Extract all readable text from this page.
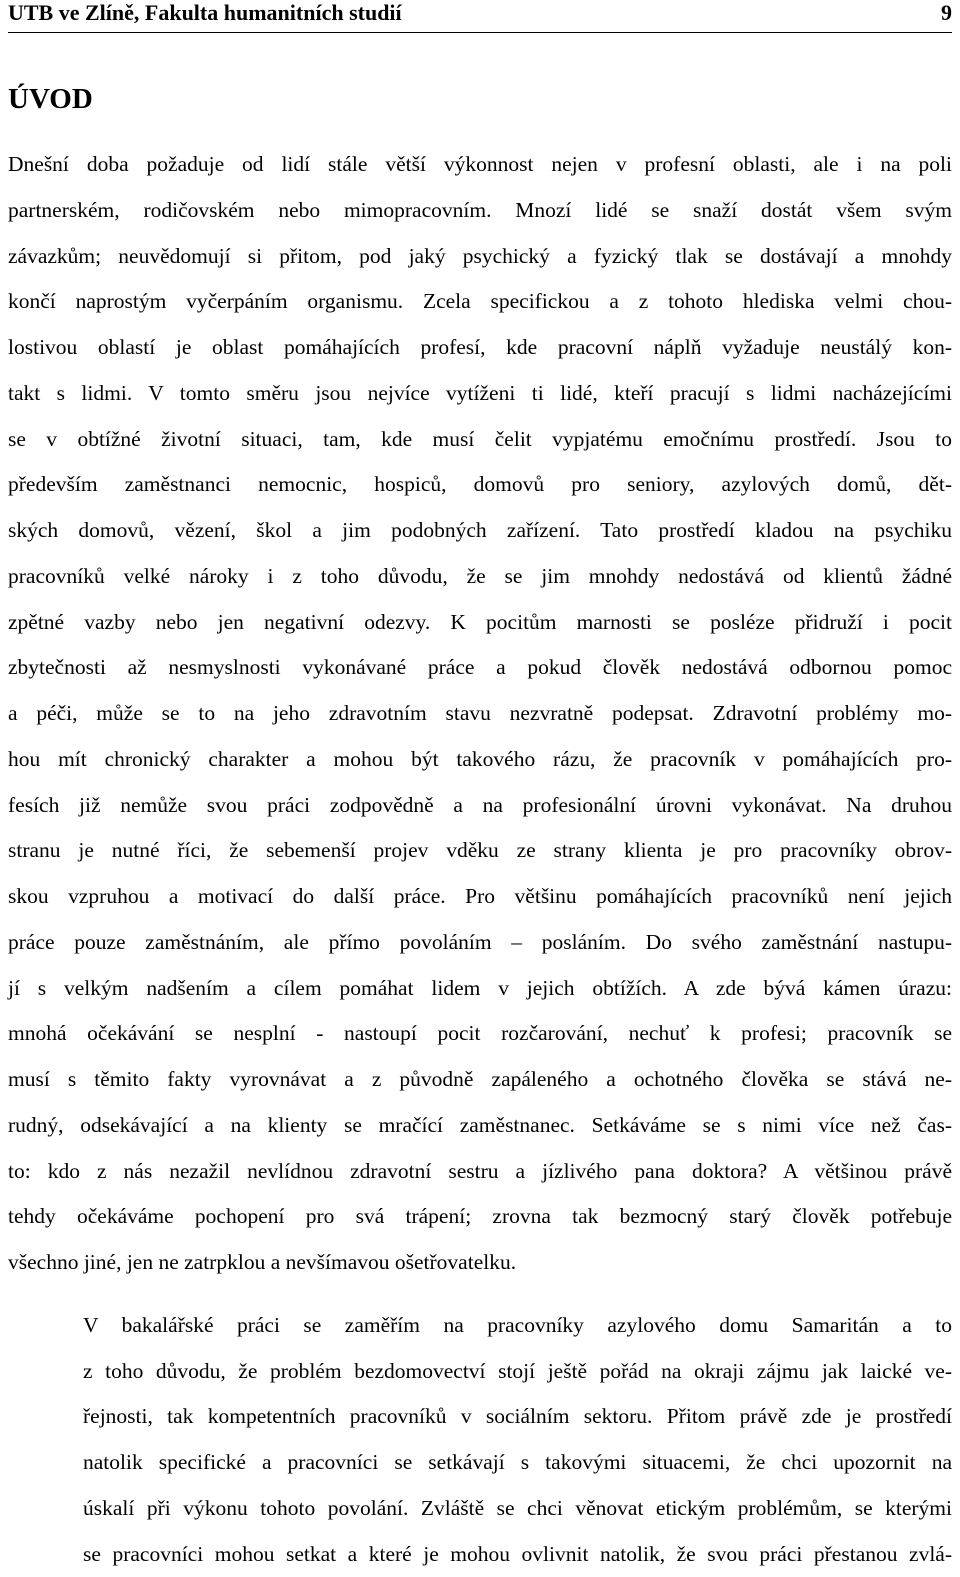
UTB ve Zlíně, Fakulta humanitních studií	9
ÚVOD

Dnešní doba požaduje od lidí stále větší výkonnost nejen v profesní oblasti, ale i na poli
partnerském, rodičovském nebo mimopracovním. Mnozí lidé se snaží dostát všem svým
závazkům; neuvědomují si přitom, pod jaký psychický a fyzický tlak se dostávají a mnohdy
končí naprostým vyčerpáním organismu. Zcela specifickou a z tohoto hlediska velmi chou-
lostivou oblastí je oblast pomáhajících profesí, kde pracovní náplň vyžaduje neustálý kon-
takt s lidmi. V tomto směru jsou nejvíce vytíženi ti lidé, kteří pracují s lidmi nacházejícími
se v obtížné životní situaci, tam, kde musí čelit vypjatému emočnímu prostředí. Jsou to
především zaměstnanci nemocnic, hospiců, domovů pro seniory, azylových domů, dět-
ských domovů, vězení, škol a jim podobných zařízení. Tato prostředí kladou na psychiku
pracovníků velké nároky i z toho důvodu, že se jim mnohdy nedostává od klientů žádné
zpětné vazby nebo jen negativní odezvy. K pocitům marnosti se posléze přidruží i pocit
zbytečnosti až nesmyslnosti vykonávané práce a pokud člověk nedostává odbornou pomoc
a péči, může se to na jeho zdravotním stavu nezvratně podepsat. Zdravotní problémy mo-
hou mít chronický charakter a mohou být takového rázu, že pracovník v pomáhajících pro-
fesích již nemůže svou práci zodpovědně a na profesionální úrovni vykonávat. Na druhou
stranu je nutné říci, že sebemenší projev vděku ze strany klienta je pro pracovníky obrov-
skou vzpruhou a motivací do další práce. Pro většinu pomáhajících pracovníků není jejich
práce pouze zaměstnáním, ale přímo povoláním – posláním. Do svého zaměstnání nastupu-
jí s velkým nadšením a cílem pomáhat lidem v jejich obtížích. A zde bývá kámen úrazu:
mnohá očekávání se nesplní - nastoupí pocit rozčarování, nechuť k profesi; pracovník se
musí s těmito fakty vyrovnávat a z původně zapáleného a ochotného člověka se stává ne-
rudný, odsekávající a na klienty se mračící zaměstnanec. Setkáváme se s nimi více než čas-
to: kdo z nás nezažil nevlídnou zdravotní sestru a jízlivého pana doktora? A většinou právě
tehdy očekáváme pochopení pro svá trápení; zrovna tak bezmocný starý člověk potřebuje
všechno jiné, jen ne zatrpklou a nevšímavou ošetřovatelku.

V bakalářské práci se zaměřím na pracovníky azylového domu Samaritán a to
z toho důvodu, že problém bezdomovectví stojí ještě pořád na okraji zájmu jak laické ve-
řejnosti, tak kompetentních pracovníků v sociálním sektoru. Přitom právě zde je prostředí
natolik specifické a pracovníci se setkávají s takovými situacemi, že chci upozornit na
úskalí při výkonu tohoto povolání. Zvláště se chci věnovat etickým problémům, se kterými
se pracovníci mohou setkat a které je mohou ovlivnit natolik, že svou práci přestanou zvlá-
